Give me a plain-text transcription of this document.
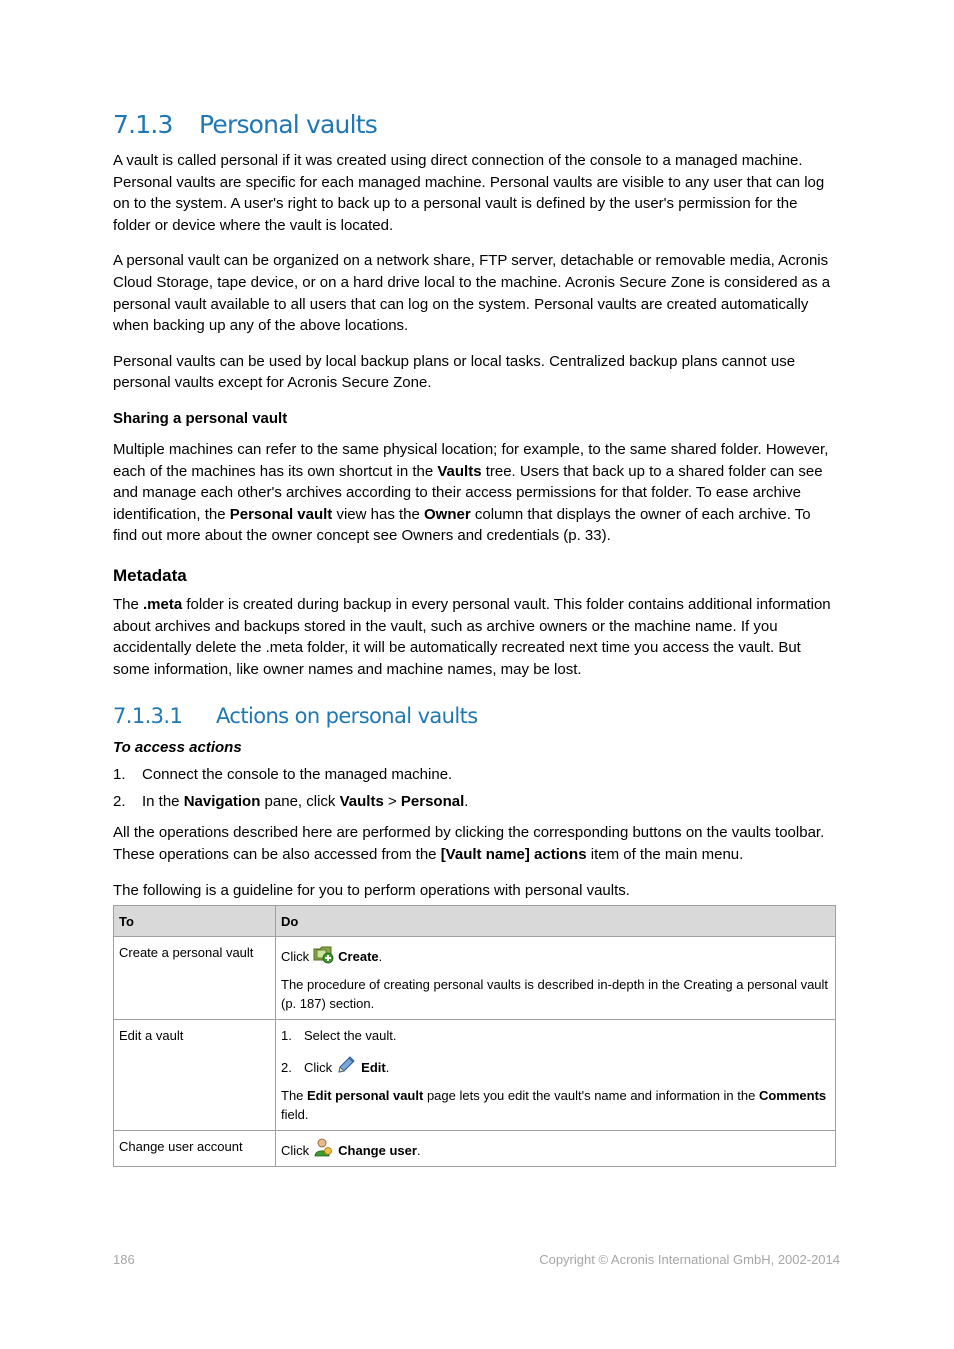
7.1.3 Personal vaults

A vault is called personal if it was created using direct connection of the console to a managed machine. Personal vaults are specific for each managed machine. Personal vaults are visible to any user that can log on to the system. A user's right to back up to a personal vault is defined by the user's permission for the folder or device where the vault is located.

A personal vault can be organized on a network share, FTP server, detachable or removable media, Acronis Cloud Storage, tape device, or on a hard drive local to the machine. Acronis Secure Zone is considered as a personal vault available to all users that can log on the system. Personal vaults are created automatically when backing up any of the above locations.

Personal vaults can be used by local backup plans or local tasks. Centralized backup plans cannot use personal vaults except for Acronis Secure Zone.

Sharing a personal vault

Multiple machines can refer to the same physical location; for example, to the same shared folder. However, each of the machines has its own shortcut in the Vaults tree. Users that back up to a shared folder can see and manage each other's archives according to their access permissions for that folder. To ease archive identification, the Personal vault view has the Owner column that displays the owner of each archive. To find out more about the owner concept see Owners and credentials (p. 33).

Metadata

The .meta folder is created during backup in every personal vault. This folder contains additional information about archives and backups stored in the vault, such as archive owners or the machine name. If you accidentally delete the .meta folder, it will be automatically recreated next time you access the vault. But some information, like owner names and machine names, may be lost.

7.1.3.1 Actions on personal vaults
To access actions
1.	Connect the console to the managed machine.
2.	In the Navigation pane, click Vaults > Personal.

All the operations described here are performed by clicking the corresponding buttons on the vaults toolbar. These operations can be also accessed from the [Vault name] actions item of the main menu.

The following is a guideline for you to perform operations with personal vaults.

To	Do
Create a personal vault	Click Create.
The procedure of creating personal vaults is described in-depth in the Creating a personal vault (p. 187) section.

Edit a vault	1. Select the vault.
2. Click Edit.
The Edit personal vault page lets you edit the vault's name and information in the Comments field.

Change user account	Click Change user.
186	Copyright © Acronis International GmbH, 2002-2014
